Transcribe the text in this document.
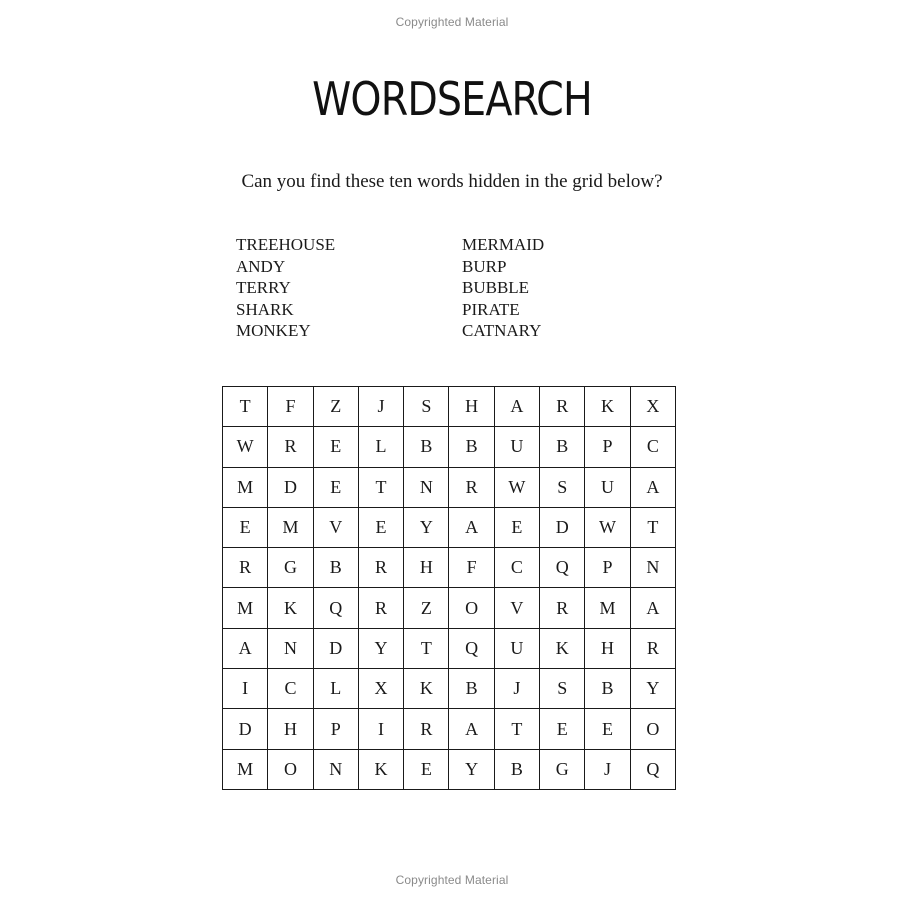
Copyrighted Material
WORDSEARCH
Can you find these ten words hidden in the grid below?
TREEHOUSE
ANDY
TERRY
SHARK
MONKEY
MERMAID
BURP
BUBBLE
PIRATE
CATNARY
T	F	Z	J	S	H	A	R	K	X
W	R	E	L	B	B	U	B	P	C
M	D	E	T	N	R	W	S	U	A
E	M	V	E	Y	A	E	D	W	T
R	G	B	R	H	F	C	Q	P	N
M	K	Q	R	Z	O	V	R	M	A
A	N	D	Y	T	Q	U	K	H	R
I	C	L	X	K	B	J	S	B	Y
D	H	P	I	R	A	T	E	E	O
M	O	N	K	E	Y	B	G	J	Q
Copyrighted Material
